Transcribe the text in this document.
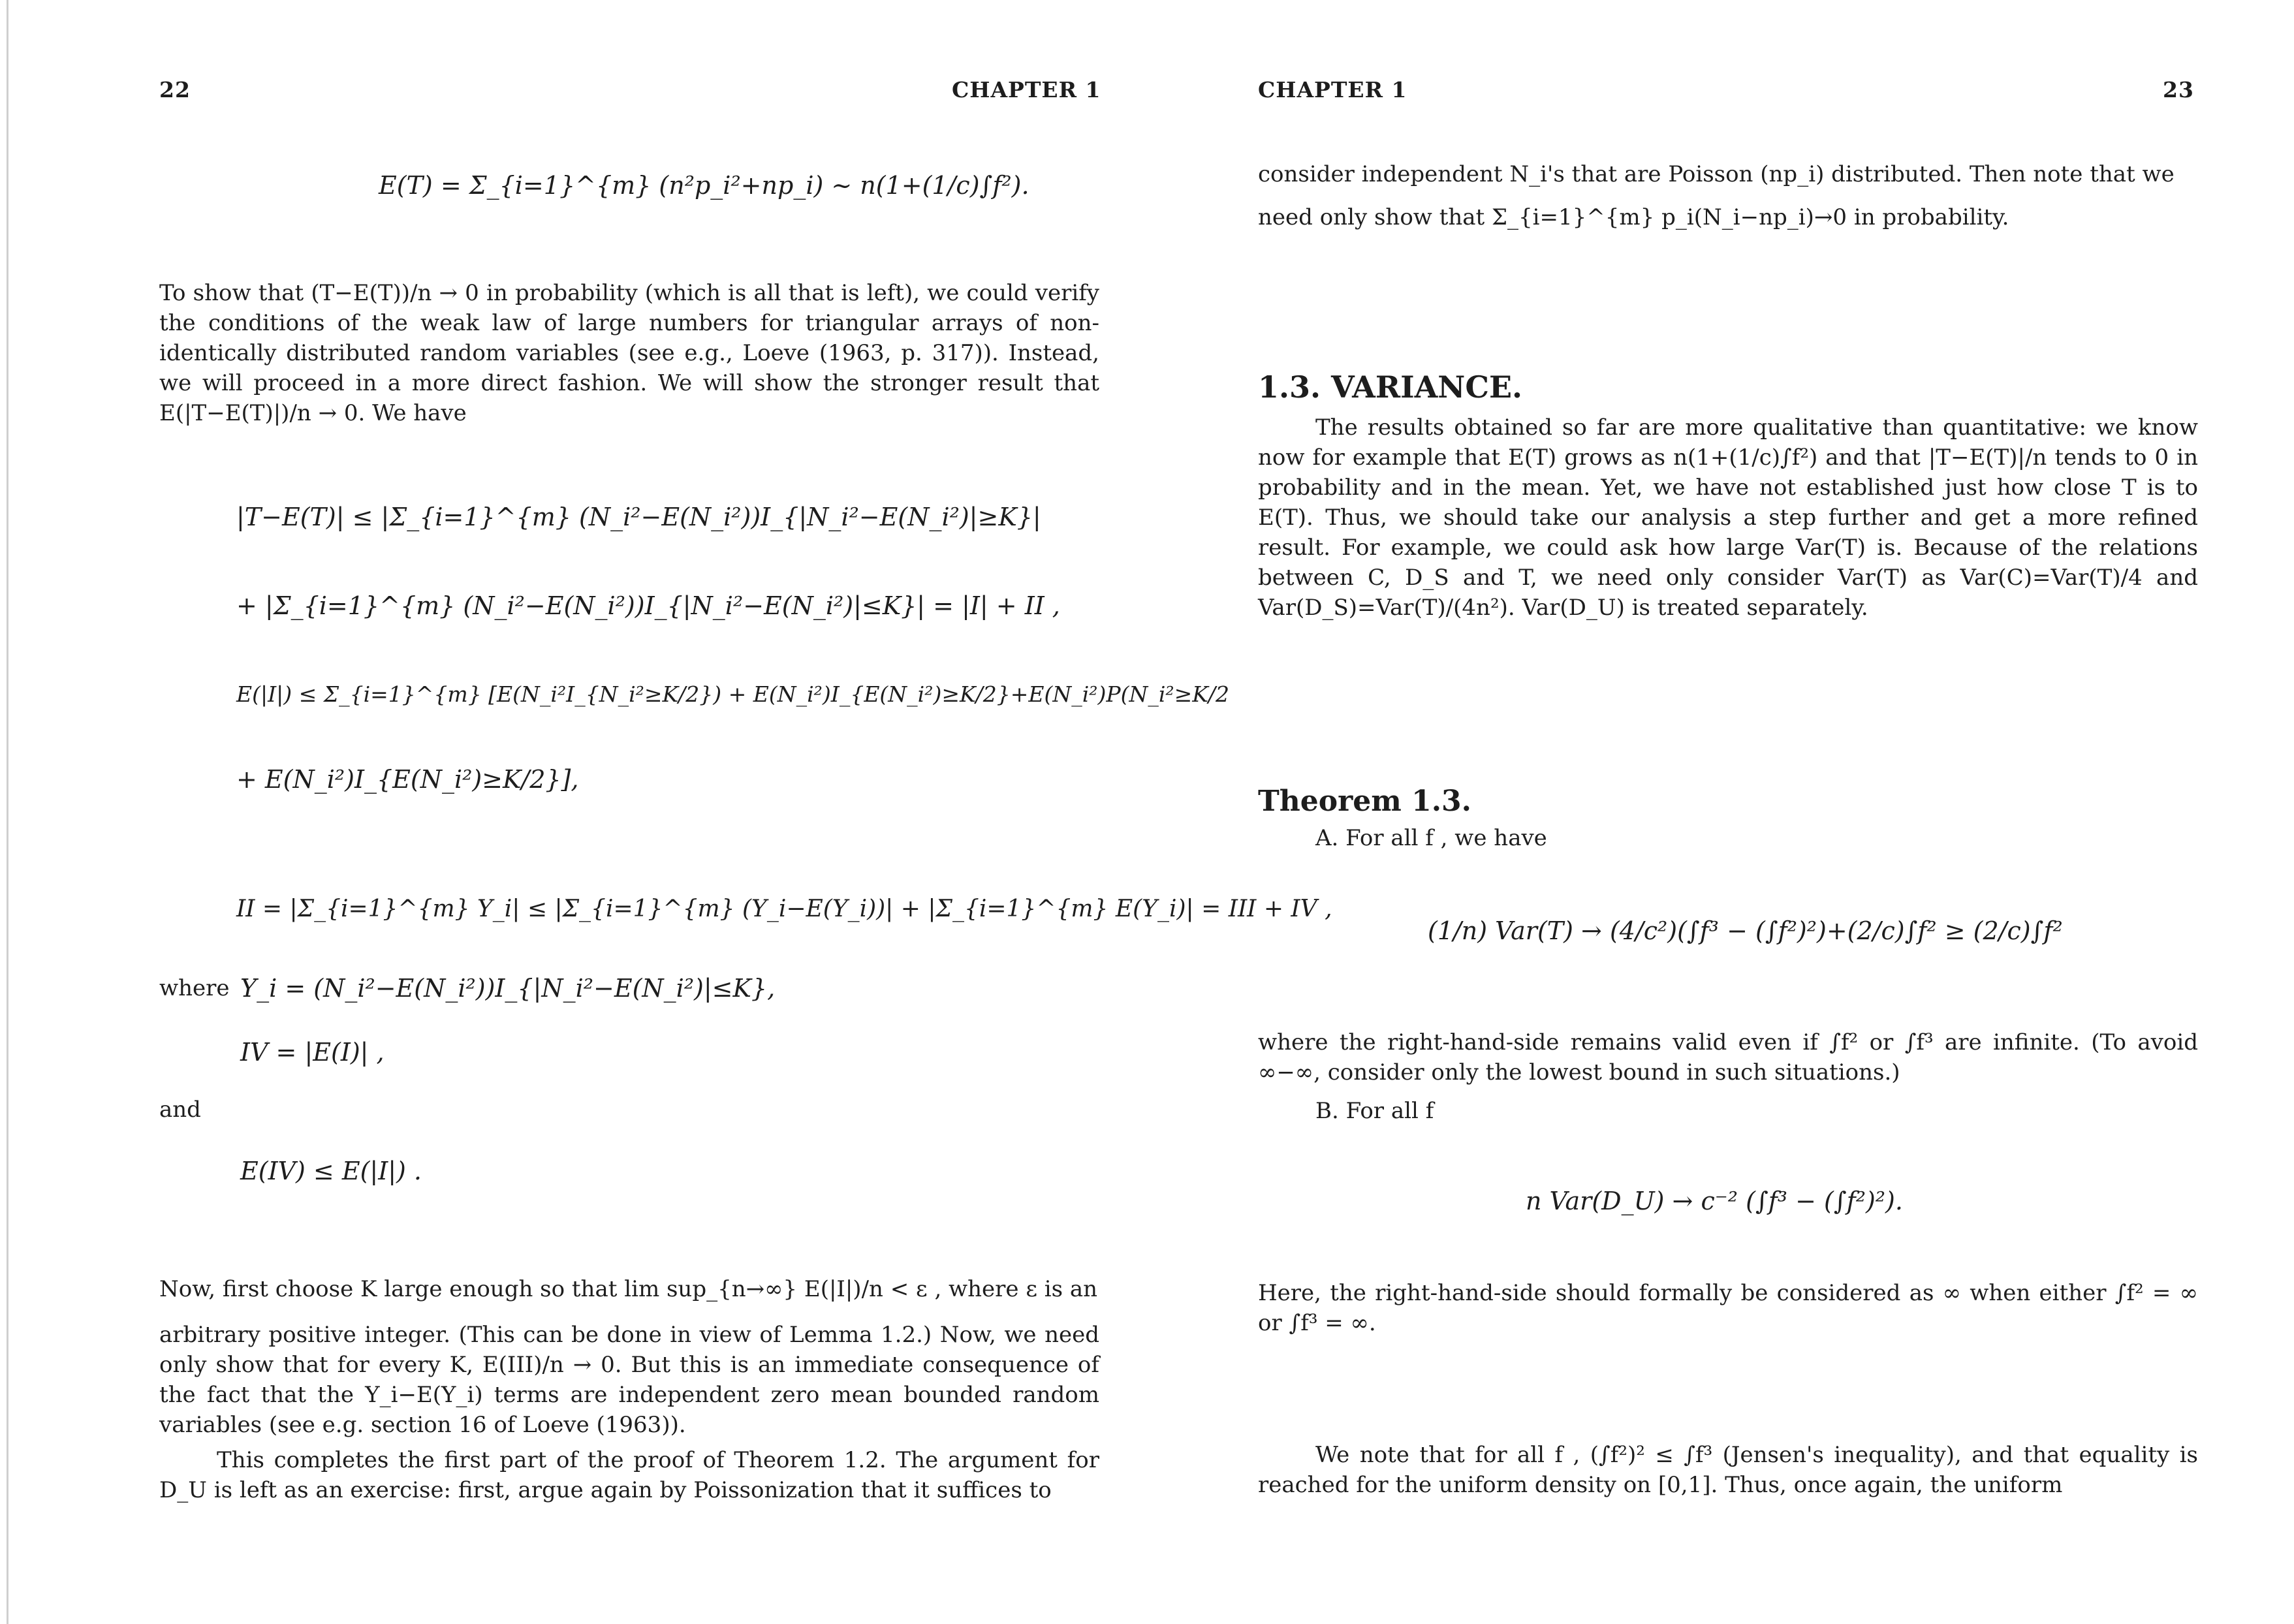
22	CHAPTER 1
E(T) = Σ_{i=1}^{m} (n²p_i²+np_i) ~ n(1+(1/c)∫f²).
To show that (T−E(T))/n → 0 in probability (which is all that is left), we could verify the conditions of the weak law of large numbers for triangular arrays of non-identically distributed random variables (see e.g., Loeve (1963, p. 317)). Instead, we will proceed in a more direct fashion. We will show the stronger result that E(|T−E(T)|)/n → 0. We have
|T−E(T)| ≤ |Σ_{i=1}^{m} (N_i²−E(N_i²))I_{|N_i²−E(N_i²)|≥K}|
+ |Σ_{i=1}^{m} (N_i²−E(N_i²))I_{|N_i²−E(N_i²)|≤K}| = |I| + II ,
E(|I|) ≤ Σ_{i=1}^{m} [E(N_i²I_{N_i²≥K/2}) + E(N_i²)I_{E(N_i²)≥K/2}+E(N_i²)P(N_i²≥K/2
+ E(N_i²)I_{E(N_i²)≥K/2}],
II = |Σ_{i=1}^{m} Y_i| ≤ |Σ_{i=1}^{m} (Y_i−E(Y_i))| + |Σ_{i=1}^{m} E(Y_i)| = III + IV ,
where Y_i = (N_i²−E(N_i²))I_{|N_i²−E(N_i²)|≤K},
IV = |E(I)| ,
and
E(IV) ≤ E(|I|) .
Now, first choose K large enough so that lim sup_{n→∞} E(|I|)/n < ε , where ε is an
arbitrary positive integer. (This can be done in view of Lemma 1.2.) Now, we need only show that for every K, E(III)/n → 0. But this is an immediate consequence of the fact that the Y_i−E(Y_i) terms are independent zero mean bounded random variables (see e.g. section 16 of Loeve (1963)).
This completes the first part of the proof of Theorem 1.2. The argument for D_U is left as an exercise: first, argue again by Poissonization that it suffices to
CHAPTER 1	23
consider independent N_i's that are Poisson (np_i) distributed. Then note that we
need only show that Σ_{i=1}^{m} p_i(N_i−np_i)→0 in probability.
1.3. VARIANCE.
The results obtained so far are more qualitative than quantitative: we know now for example that E(T) grows as n(1+(1/c)∫f²) and that |T−E(T)|/n tends to 0 in probability and in the mean. Yet, we have not established just how close T is to E(T). Thus, we should take our analysis a step further and get a more refined result. For example, we could ask how large Var(T) is. Because of the relations between C, D_S and T, we need only consider Var(T) as Var(C)=Var(T)/4 and Var(D_S)=Var(T)/(4n²). Var(D_U) is treated separately.
Theorem 1.3.
A. For all f , we have
(1/n) Var(T) → (4/c²)(∫f³ − (∫f²)²)+(2/c)∫f² ≥ (2/c)∫f²
where the right-hand-side remains valid even if ∫f² or ∫f³ are infinite. (To avoid ∞−∞, consider only the lowest bound in such situations.)
B. For all f
n Var(D_U) → c⁻² (∫f³ − (∫f²)²).
Here, the right-hand-side should formally be considered as ∞ when either ∫f² = ∞ or ∫f³ = ∞.
We note that for all f , (∫f²)² ≤ ∫f³ (Jensen's inequality), and that equality is reached for the uniform density on [0,1]. Thus, once again, the uniform
